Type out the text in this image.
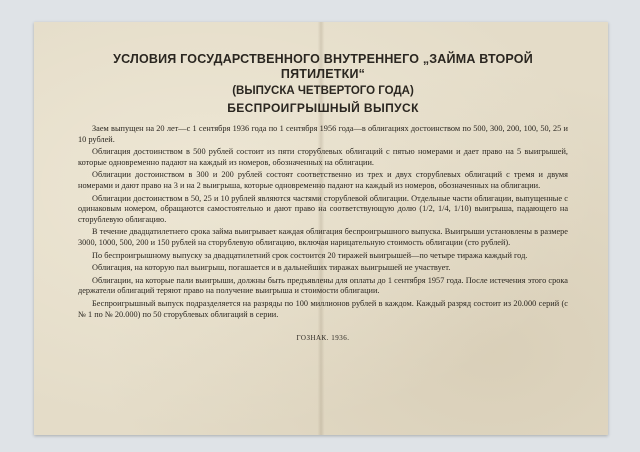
УСЛОВИЯ ГОСУДАРСТВЕННОГО ВНУТРЕННЕГО „ЗАЙМА ВТОРОЙ ПЯТИЛЕТКИ“
(ВЫПУСКА ЧЕТВЕРТОГО ГОДА)
БЕСПРОИГРЫШНЫЙ ВЫПУСК

Заем выпущен на 20 лет—с 1 сентября 1936 года по 1 сентября 1956 года—в облигациях достоинством по 500, 300, 200, 100, 50, 25 и 10 рублей.

Облигация достоинством в 500 рублей состоит из пяти сторублевых облигаций с пятью номерами и дает право на 5 выигрышей, которые одновременно падают на каждый из номеров, обозначенных на облигации.

Облигации достоинством в 300 и 200 рублей состоят соответственно из трех и двух сторублевых облигаций с тремя и двумя номерами и дают право на 3 и на 2 выигрыша, которые одновременно падают на каждый из номеров, обозначенных на облигации.

Облигации достоинством в 50, 25 и 10 рублей являются частями сторублевой облигации. Отдельные части облигации, выпущенные с одинаковым номером, обращаются самостоятельно и дают право на соответствующую долю (1/2, 1/4, 1/10) выигрыша, падающего на сторублевую облигацию.

В течение двадцатилетнего срока займа выигрывает каждая облигация беспроигрышного выпуска. Выигрыши установлены в размере 3000, 1000, 500, 200 и 150 рублей на сторублевую облигацию, включая нарицательную стоимость облигации (сто рублей).

По беспроигрышному выпуску за двадцатилетний срок состоится 20 тиражей выигрышей—по четыре тиража каждый год.

Облигация, на которую пал выигрыш, погашается и в дальнейших тиражах выигрышей не участвует.

Облигации, на которые пали выигрыши, должны быть предъявлены для оплаты до 1 сентября 1957 года. После истечения этого срока держатели облигаций теряют право на получение выигрыша и стоимости облигации.

Беспроигрышный выпуск подразделяется на разряды по 100 миллионов рублей в каждом. Каждый разряд состоит из 20.000 серий (с № 1 по № 20.000) по 50 сторублевых облигаций в серии.

ГОЗНАК. 1936.
